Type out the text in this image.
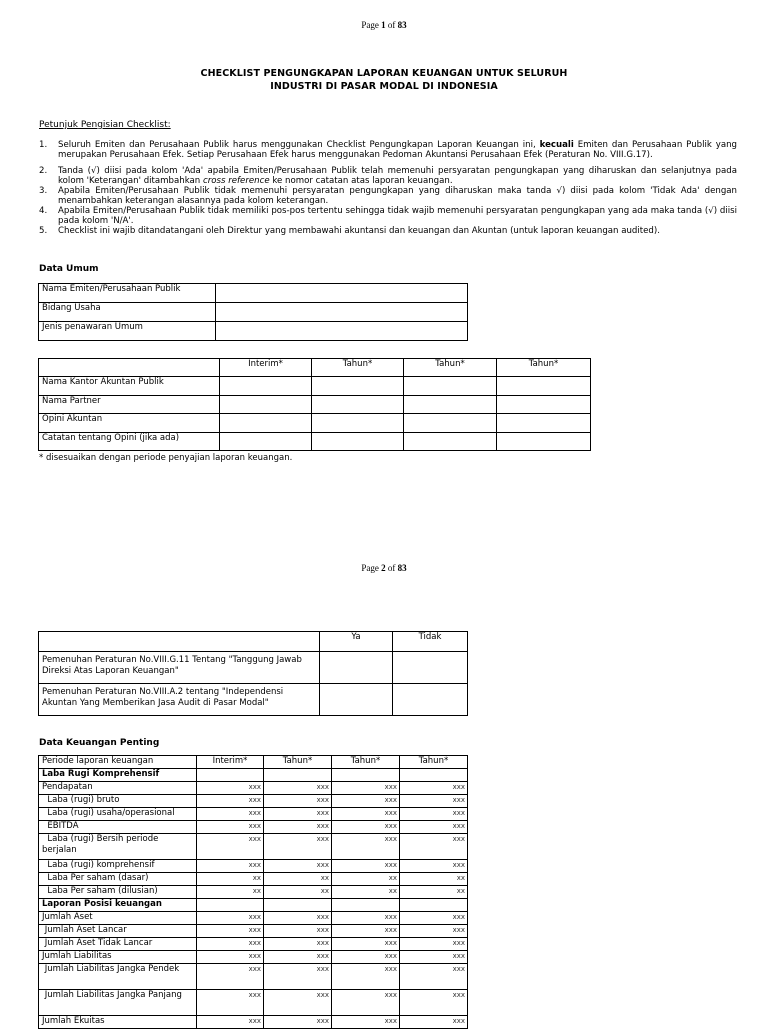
Page 1 of 83
CHECKLIST PENGUNGKAPAN LAPORAN KEUANGAN UNTUK SELURUH
INDUSTRI DI PASAR MODAL DI INDONESIA
Petunjuk Pengisian Checklist:
1. Seluruh Emiten dan Perusahaan Publik harus menggunakan Checklist Pengungkapan Laporan Keuangan ini, kecuali Emiten dan Perusahaan Publik yang merupakan Perusahaan Efek. Setiap Perusahaan Efek harus menggunakan Pedoman Akuntansi Perusahaan Efek (Peraturan No. VIII.G.17).
2. Tanda (√) diisi pada kolom 'Ada' apabila Emiten/Perusahaan Publik telah memenuhi persyaratan pengungkapan yang diharuskan dan selanjutnya pada kolom 'Keterangan' ditambahkan cross reference ke nomor catatan atas laporan keuangan.
3. Apabila Emiten/Perusahaan Publik tidak memenuhi persyaratan pengungkapan yang diharuskan maka tanda √) diisi pada kolom 'Tidak Ada' dengan menambahkan keterangan alasannya pada kolom keterangan.
4. Apabila Emiten/Perusahaan Publik tidak memiliki pos-pos tertentu sehingga tidak wajib memenuhi persyaratan pengungkapan yang ada maka tanda (√) diisi pada kolom 'N/A'.
5. Checklist ini wajib ditandatangani oleh Direktur yang membawahi akuntansi dan keuangan dan Akuntan (untuk laporan keuangan audited).
Data Umum
Nama Emiten/Perusahaan Publik	
Bidang Usaha	
Jenis penawaran Umum	
	Interim*	Tahun*	Tahun*	Tahun*
Nama Kantor Akuntan Publik				
Nama Partner				
Opini Akuntan				
Catatan tentang Opini (jika ada)				
* disesuaikan dengan periode penyajian laporan keuangan.
Page 2 of 83
	Ya	Tidak
Pemenuhan Peraturan No.VIII.G.11 Tentang "Tanggung Jawab Direksi Atas Laporan Keuangan"		
Pemenuhan Peraturan No.VIII.A.2 tentang "Independensi Akuntan Yang Memberikan Jasa Audit di Pasar Modal"		
Data Keuangan Penting
Periode laporan keuangan	Interim*	Tahun*	Tahun*	Tahun*
Laba Rugi Komprehensif				
Pendapatan	xxx	xxx	xxx	xxx
Laba (rugi) bruto	xxx	xxx	xxx	xxx
Laba (rugi) usaha/operasional	xxx	xxx	xxx	xxx
EBITDA	xxx	xxx	xxx	xxx
Laba (rugi) Bersih periode berjalan	xxx	xxx	xxx	xxx
Laba (rugi) komprehensif	xxx	xxx	xxx	xxx
Laba Per saham (dasar)	xx	xx	xx	xx
Laba Per saham (dilusian)	xx	xx	xx	xx
Laporan Posisi keuangan				
Jumlah Aset	xxx	xxx	xxx	xxx
Jumlah Aset Lancar	xxx	xxx	xxx	xxx
Jumlah Aset Tidak Lancar	xxx	xxx	xxx	xxx
Jumlah Liabilitas	xxx	xxx	xxx	xxx
Jumlah Liabilitas Jangka Pendek	xxx	xxx	xxx	xxx
Jumlah Liabilitas Jangka Panjang	xxx	xxx	xxx	xxx
Jumlah Ekuitas	xxx	xxx	xxx	xxx
